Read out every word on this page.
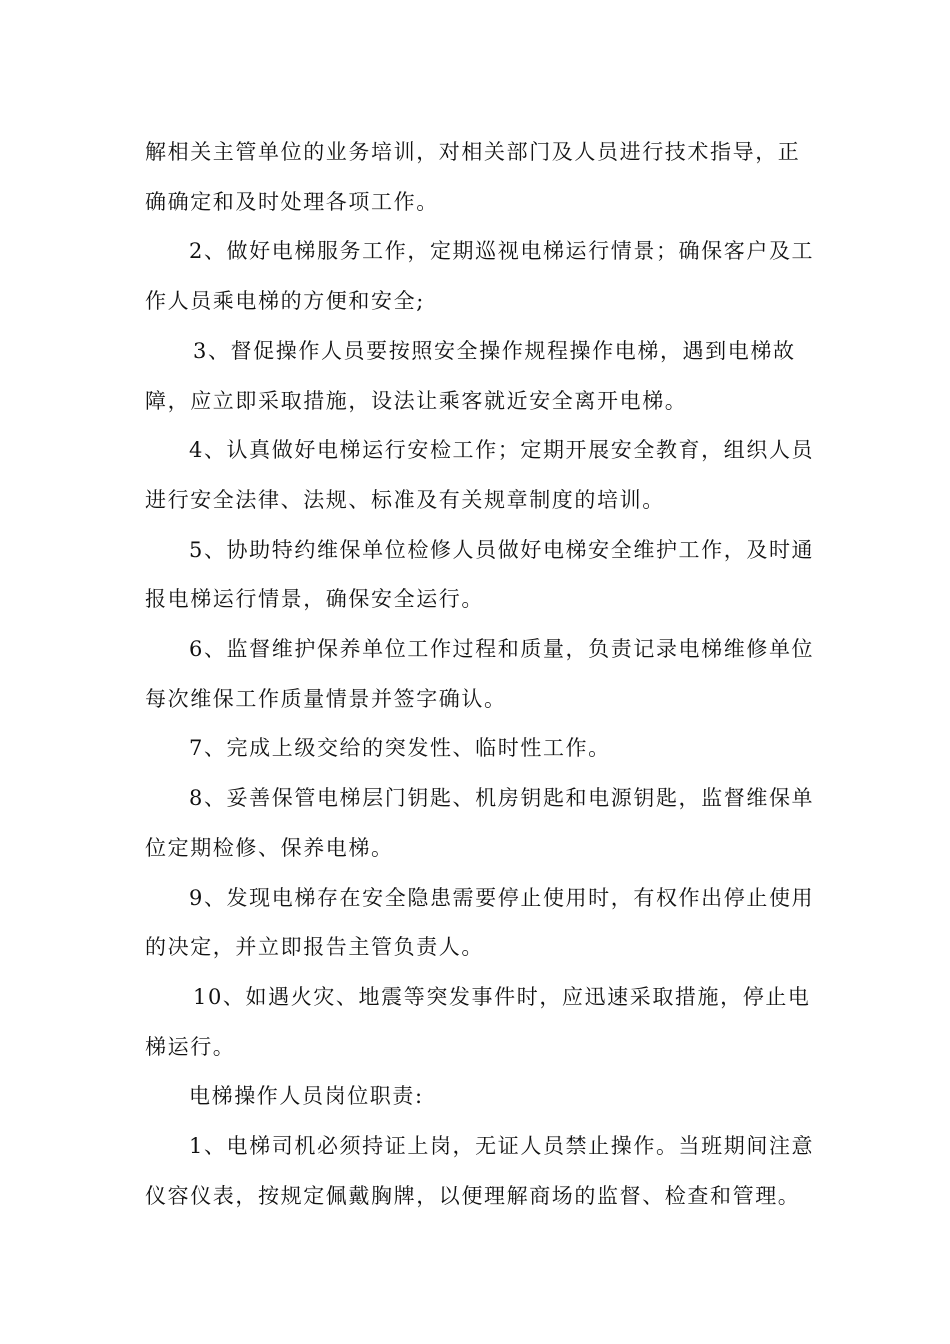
解相关主管单位的业务培训，对相关部门及人员进行技术指导，正
确确定和及时处理各项工作。

2、做好电梯服务工作，定期巡视电梯运行情景；确保客户及工
作人员乘电梯的方便和安全;

3、督促操作人员要按照安全操作规程操作电梯，遇到电梯故
障，应立即采取措施，设法让乘客就近安全离开电梯。

4、认真做好电梯运行安检工作；定期开展安全教育，组织人员
进行安全法律、法规、标准及有关规章制度的培训。

5、协助特约维保单位检修人员做好电梯安全维护工作，及时通
报电梯运行情景，确保安全运行。

6、监督维护保养单位工作过程和质量，负责记录电梯维修单位
每次维保工作质量情景并签字确认。

7、完成上级交给的突发性、临时性工作。

8、妥善保管电梯层门钥匙、机房钥匙和电源钥匙，监督维保单
位定期检修、保养电梯。

9、发现电梯存在安全隐患需要停止使用时，有权作出停止使用
的决定，并立即报告主管负责人。

10、如遇火灾、地震等突发事件时，应迅速采取措施，停止电
梯运行。

电梯操作人员岗位职责:

1、电梯司机必须持证上岗，无证人员禁止操作。当班期间注意
仪容仪表，按规定佩戴胸牌，以便理解商场的监督、检查和管理。
